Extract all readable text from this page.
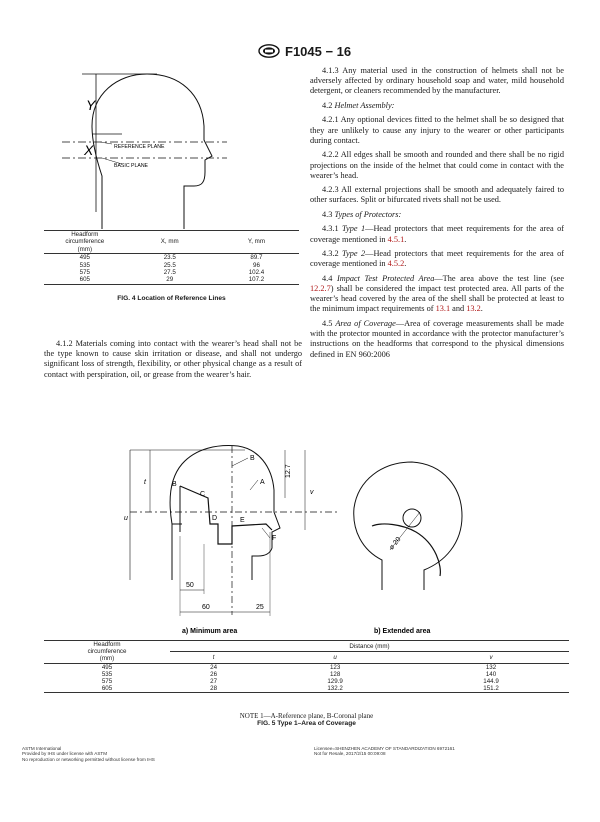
F1045 − 16
Y
X	REFERENCE PLANE
BASIC PLANE
Headform
circumference
(mm)	X, mm	Y, mm
495	23.5	89.7
535	25.5	96
575	27.5	102.4
605	29	107.2
FIG. 4 Location of Reference Lines

4.1.2 Materials coming into contact with the wearer’s head shall not be the type known to cause skin irritation or disease, and shall not undergo significant loss of strength, flexibility, or other physical change as a result of contact with perspiration, oil, or grease from the wearer’s hair.

4.1.3 Any material used in the construction of helmets shall not be adversely affected by ordinary household soap and water, mild household detergent, or cleaners recommended by the manufacturer.

4.2 Helmet Assembly:

4.2.1 Any optional devices fitted to the helmet shall be so designed that they are unlikely to cause any injury to the wearer or other participants during contact.

4.2.2 All edges shall be smooth and rounded and there shall be no rigid projections on the inside of the helmet that could come in contact with the wearer’s head.

4.2.3 All external projections shall be smooth and adequately faired to other surfaces. Split or bifurcated rivets shall not be used.

4.3 Types of Protectors:

4.3.1 Type 1—Head protectors that meet requirements for the area of coverage mentioned in 4.5.1.

4.3.2 Type 2—Head protectors that meet requirements for the area of coverage mentioned in 4.5.2.

4.4 Impact Test Protected Area—The area above the test line (see 12.2.7) shall be considered the impact test protected area. All parts of the wearer’s head covered by the area of the shell shall be protected at least to the minimum impact requirements of 13.1 and 13.2.

4.5 Area of Coverage—Area of coverage measurements shall be made with the protector mounted in accordance with the protector manufacturer’s instructions on the headforms that correspond to the physical dimensions defined in EN 960:2006

t
u
v
12.7
A
B
B
C
D	E
F
50
60	25
⌀ 20
a) Minimum area	b) Extended area
Headform
circumference
(mm)	Distance (mm)		
	t	u	v
495	24	123	132
535	26	128	140
575	27	129.9	144.9
605	28	132.2	151.2
NOTE 1—A-Reference plane, B-Coronal plane
FIG. 5 Type 1–Area of Coverage
ASTM International
Provided by IHS under license with ASTM
No reproduction or networking permitted without license from IHS
Licensee=SHENZHEN ACADEMY OF STANDARDIZATION 6972161
Not for Resale, 2017/2/15 00:09:08
